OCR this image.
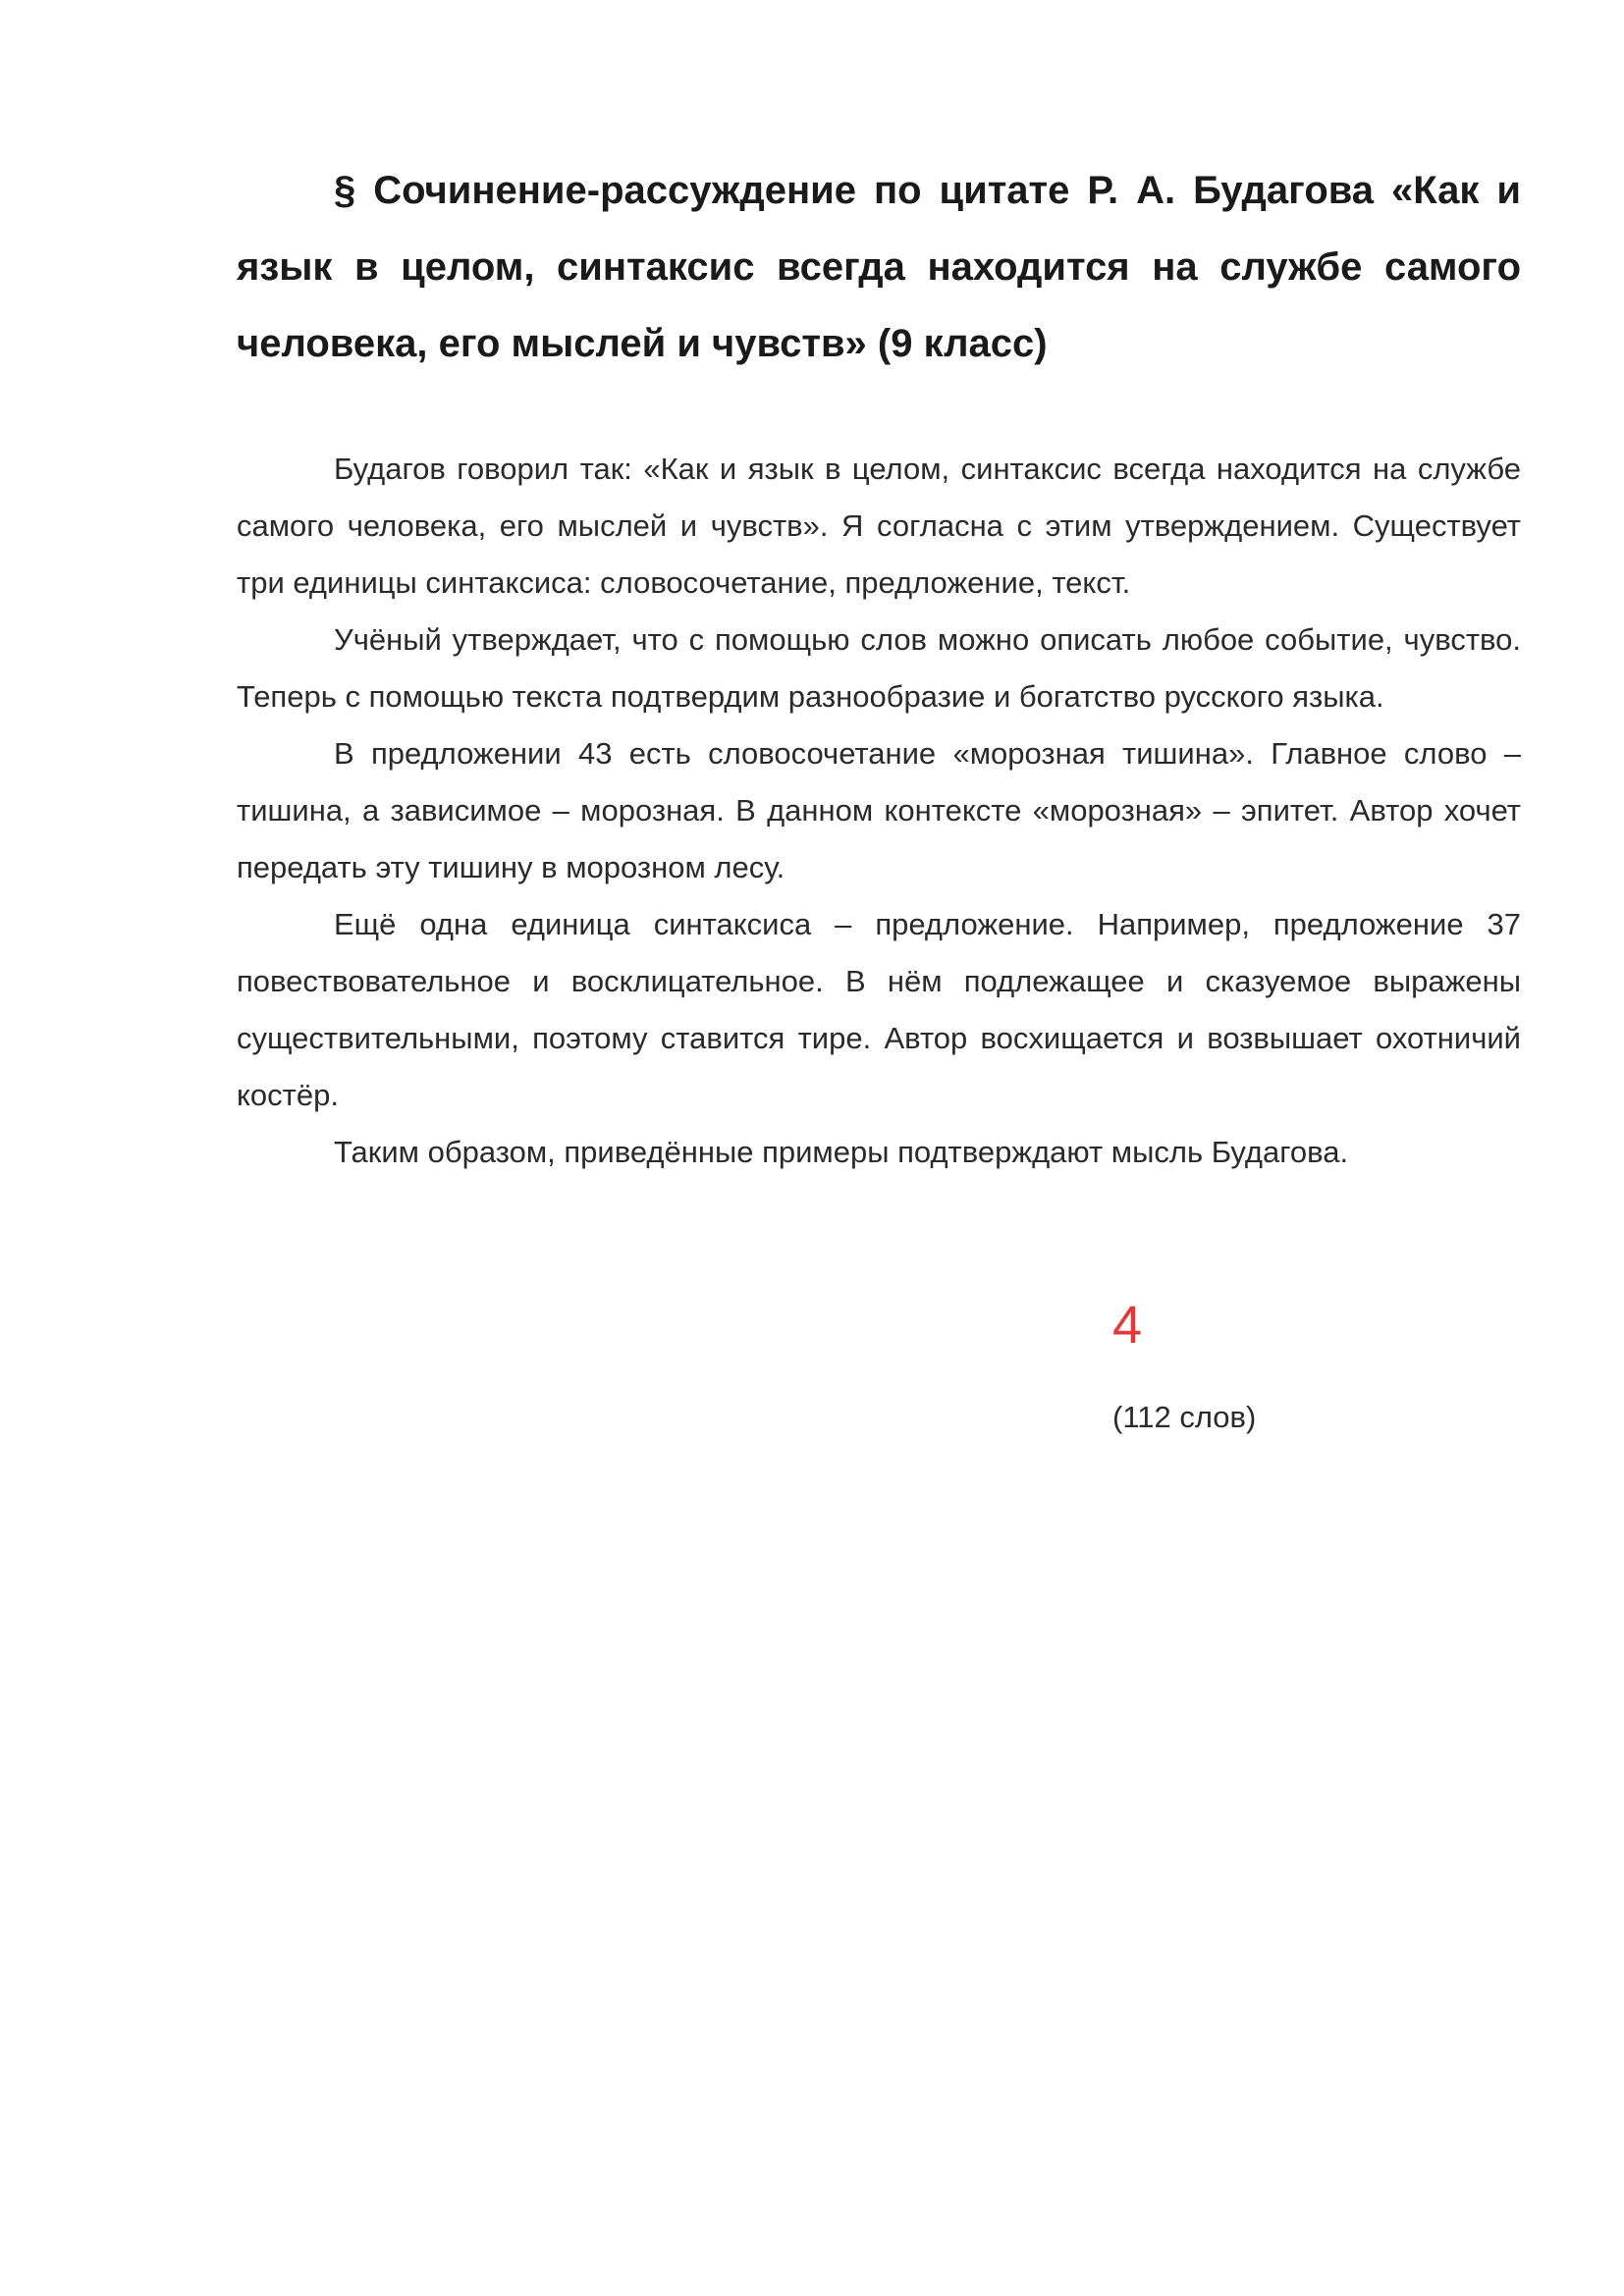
§ Сочинение-рассуждение по цитате Р. А. Будагова «Как и язык в целом, синтаксис всегда находится на службе самого человека, его мыслей и чувств» (9 класс)

Будагов говорил так: «Как и язык в целом, синтаксис всегда находится на службе самого человека, его мыслей и чувств». Я согласна с этим утверждением. Существует три единицы синтаксиса: словосочетание, предложение, текст.

Учёный утверждает, что с помощью слов можно описать любое событие, чувство. Теперь с помощью текста подтвердим разнообразие и богатство русского языка.

В предложении 43 есть словосочетание «морозная тишина». Главное слово – тишина, а зависимое – морозная. В данном контексте «морозная» – эпитет. Автор хочет передать эту тишину в морозном лесу.

Ещё одна единица синтаксиса – предложение. Например, предложение 37 повествовательное и восклицательное. В нём подлежащее и сказуемое выражены существительными, поэтому ставится тире. Автор восхищается и возвышает охотничий костёр.

Таким образом, приведённые примеры подтверждают мысль Будагова.

4
(112 слов)
